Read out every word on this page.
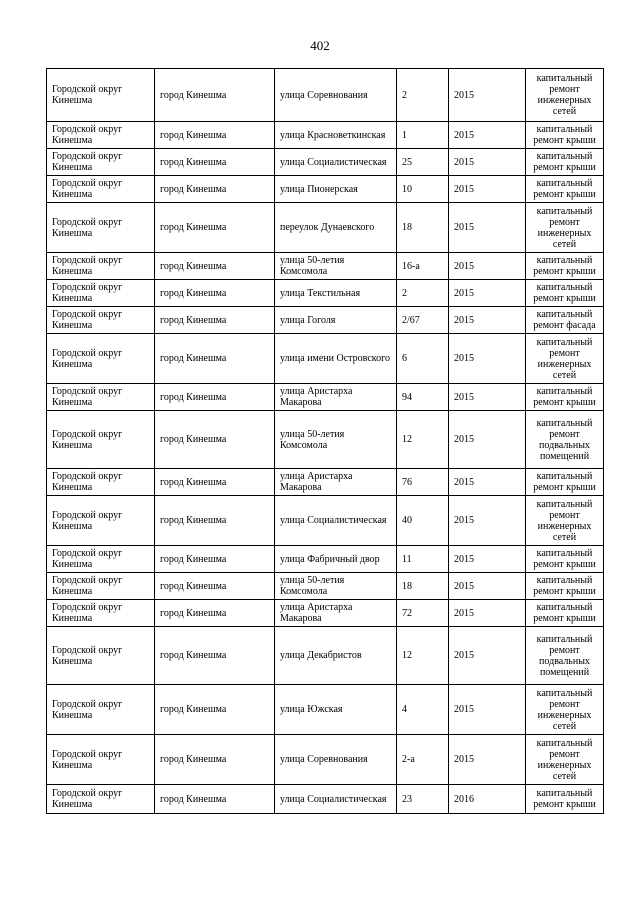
402
Городской округ Кинешма	город Кинешма	улица Соревнования	2	2015	капитальный ремонт инженерных сетей
Городской округ Кинешма	город Кинешма	улица Красноветкинская	1	2015	капитальный ремонт крыши
Городской округ Кинешма	город Кинешма	улица Социалистическая	25	2015	капитальный ремонт крыши
Городской округ Кинешма	город Кинешма	улица Пионерская	10	2015	капитальный ремонт крыши
Городской округ Кинешма	город Кинешма	переулок Дунаевского	18	2015	капитальный ремонт инженерных сетей
Городской округ Кинешма	город Кинешма	улица 50-летия Комсомола	16-а	2015	капитальный ремонт крыши
Городской округ Кинешма	город Кинешма	улица Текстильная	2	2015	капитальный ремонт крыши
Городской округ Кинешма	город Кинешма	улица Гоголя	2/67	2015	капитальный ремонт фасада
Городской округ Кинешма	город Кинешма	улица имени Островского	6	2015	капитальный ремонт инженерных сетей
Городской округ Кинешма	город Кинешма	улица Аристарха Макарова	94	2015	капитальный ремонт крыши
Городской округ Кинешма	город Кинешма	улица 50-летия Комсомола	12	2015	капитальный ремонт подвальных помещений
Городской округ Кинешма	город Кинешма	улица Аристарха Макарова	76	2015	капитальный ремонт крыши
Городской округ Кинешма	город Кинешма	улица Социалистическая	40	2015	капитальный ремонт инженерных сетей
Городской округ Кинешма	город Кинешма	улица Фабричный двор	11	2015	капитальный ремонт крыши
Городской округ Кинешма	город Кинешма	улица 50-летия Комсомола	18	2015	капитальный ремонт крыши
Городской округ Кинешма	город Кинешма	улица Аристарха Макарова	72	2015	капитальный ремонт крыши
Городской округ Кинешма	город Кинешма	улица Декабристов	12	2015	капитальный ремонт подвальных помещений
Городской округ Кинешма	город Кинешма	улица Южская	4	2015	капитальный ремонт инженерных сетей
Городской округ Кинешма	город Кинешма	улица Соревнования	2-а	2015	капитальный ремонт инженерных сетей
Городской округ Кинешма	город Кинешма	улица Социалистическая	23	2016	капитальный ремонт крыши
